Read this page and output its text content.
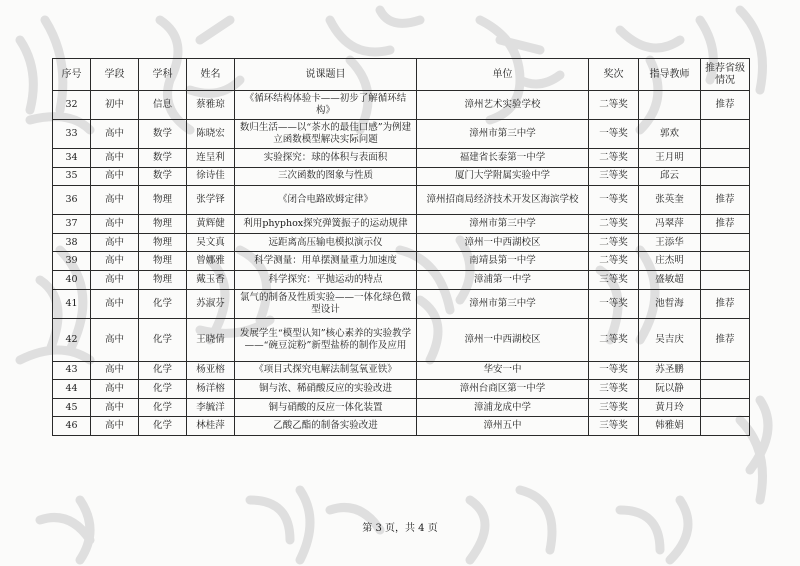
序号	学段	学科	姓名	说课题目	单位	奖次	指导教师	推荐省级情况
32	初中	信息	蔡雅琼	《循环结构体验卡——初步了解循环结构》	漳州艺术实验学校	二等奖		推荐
33	高中	数学	陈晓宏	数归生活——以“茶水的最佳口感”为例建立函数模型解决实际问题	漳州市第三中学	一等奖	郭欢	
34	高中	数学	连呈利	实验探究：球的体积与表面积	福建省长泰第一中学	二等奖	王月明	
35	高中	数学	徐诗佳	三次函数的图象与性质	厦门大学附属实验中学	三等奖	邱云	
36	高中	物理	张学铎	《闭合电路欧姆定律》	漳州招商局经济技术开发区海滨学校	一等奖	张英奎	推荐
37	高中	物理	黄辉健	利用phyphox探究弹簧振子的运动规律	漳州市第三中学	二等奖	冯翠萍	推荐
38	高中	物理	吴文真	远距离高压输电模拟演示仪	漳州一中西湖校区	二等奖	王添华	
39	高中	物理	曾娜雅	科学测量：用单摆测量重力加速度	南靖县第一中学	二等奖	庄杰明	
40	高中	物理	戴玉香	科学探究：平抛运动的特点	漳浦第一中学	三等奖	盛敏超	
41	高中	化学	苏淑芬	氯气的制备及性质实验——一体化绿色微型设计	漳州市第三中学	一等奖	池晢海	推荐
42	高中	化学	王晓倩	发展学生“模型认知”核心素养的实验教学——“碗豆淀粉”新型盐桥的制作及应用	漳州一中西湖校区	二等奖	吴吉庆	推荐
43	高中	化学	杨亚榕	《项目式探究电解法制氢氧亚铁》	华安一中	一等奖	苏圣鹏	
44	高中	化学	杨洋榕	铜与浓、稀硝酸反应的实验改进	漳州台商区第一中学	三等奖	阮以静	
45	高中	化学	李毓洋	铜与硝酸的反应一体化装置	漳浦龙成中学	三等奖	黄月玲	
46	高中	化学	林桂萍	乙酸乙酯的制备实验改进	漳州五中	三等奖	韩雅娟	
第 3 页，共 4 页
